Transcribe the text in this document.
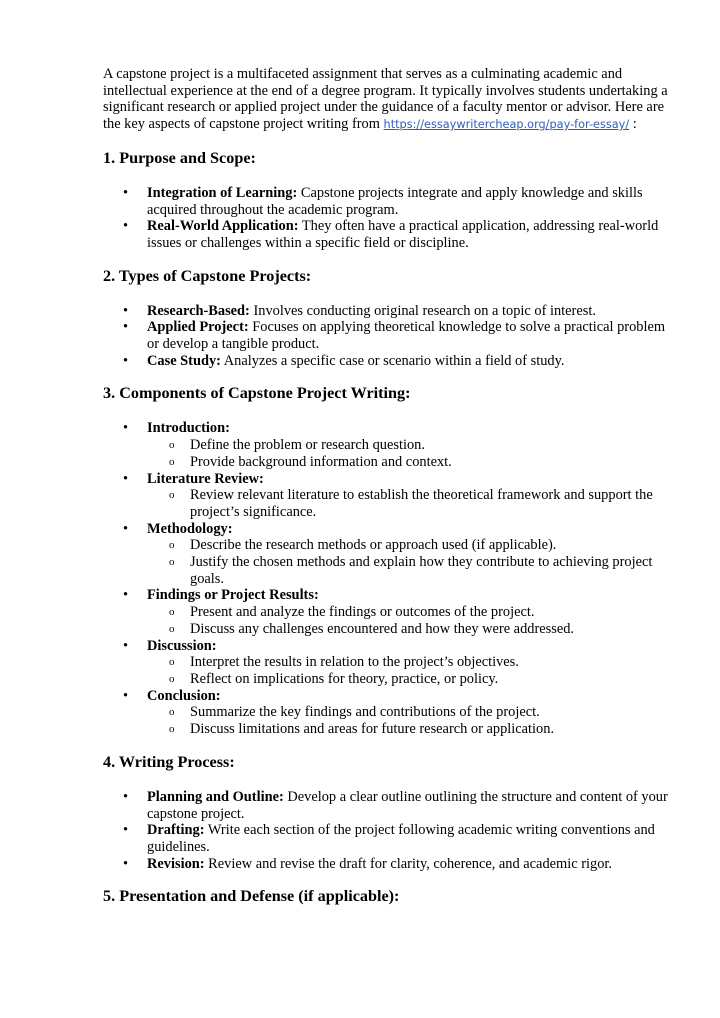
A capstone project is a multifaceted assignment that serves as a culminating academic and intellectual experience at the end of a degree program. It typically involves students undertaking a significant research or applied project under the guidance of a faculty mentor or advisor. Here are the key aspects of capstone project writing from https://essaywritercheap.org/pay-for-essay/ :

1. Purpose and Scope:
• Integration of Learning: Capstone projects integrate and apply knowledge and skills acquired throughout the academic program.
• Real-World Application: They often have a practical application, addressing real-world issues or challenges within a specific field or discipline.
2. Types of Capstone Projects:
• Research-Based: Involves conducting original research on a topic of interest.
• Applied Project: Focuses on applying theoretical knowledge to solve a practical problem or develop a tangible product.
• Case Study: Analyzes a specific case or scenario within a field of study.
3. Components of Capstone Project Writing:
• Introduction:
o Define the problem or research question.
o Provide background information and context.
• Literature Review:
o Review relevant literature to establish the theoretical framework and support the project’s significance.
• Methodology:
o Describe the research methods or approach used (if applicable).
o Justify the chosen methods and explain how they contribute to achieving project goals.
• Findings or Project Results:
o Present and analyze the findings or outcomes of the project.
o Discuss any challenges encountered and how they were addressed.
• Discussion:
o Interpret the results in relation to the project’s objectives.
o Reflect on implications for theory, practice, or policy.
• Conclusion:
o Summarize the key findings and contributions of the project.
o Discuss limitations and areas for future research or application.
4. Writing Process:
• Planning and Outline: Develop a clear outline outlining the structure and content of your capstone project.
• Drafting: Write each section of the project following academic writing conventions and guidelines.
• Revision: Review and revise the draft for clarity, coherence, and academic rigor.
5. Presentation and Defense (if applicable):
